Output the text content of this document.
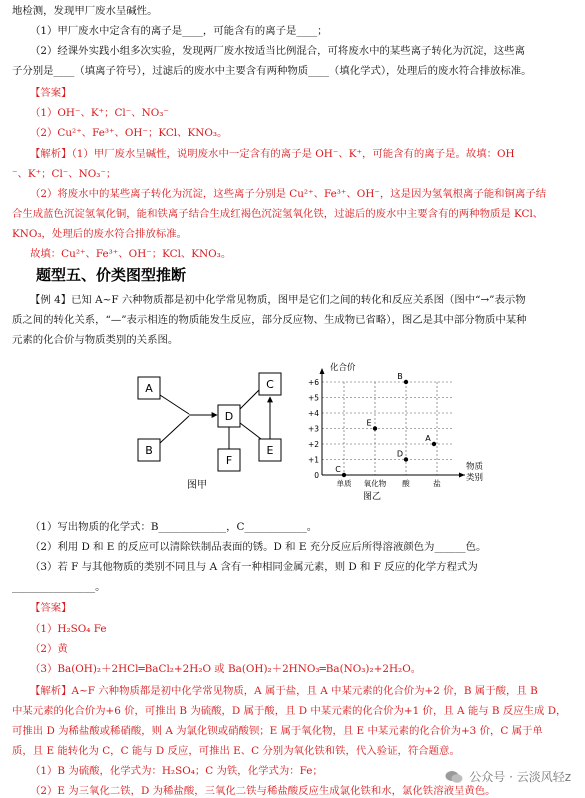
地检测，发现甲厂废水呈碱性。
（1）甲厂废水中定含有的离子是____，可能含有的离子是____；
（2）经课外实践小组多次实验，发现两厂废水按适当比例混合，可将废水中的某些离子转化为沉淀，这些离
子分别是____（填离子符号），过滤后的废水中主要含有两种物质____（填化学式），处理后的废水符合排放标准。
【答案】
（1）OH⁻、K⁺；Cl⁻、NO₃⁻
（2）Cu²⁺、Fe³⁺、OH⁻；KCl、KNO₃。
【解析】（1）甲厂废水呈碱性，说明废水中一定含有的离子是 OH⁻、K⁺，可能含有的离子是。故填：OH
⁻、K⁺；Cl⁻、NO₃⁻；
（2）将废水中的某些离子转化为沉淀，这些离子分别是 Cu²⁺、Fe³⁺、OH⁻，这是因为氢氧根离子能和铜离子结
合生成蓝色沉淀氢氧化铜，能和铁离子结合生成红褐色沉淀氢氧化铁，过滤后的废水中主要含有的两种物质是 KCl、
KNO₃，处理后的废水符合排放标准。
故填：Cu²⁺、Fe³⁺、OH⁻；KCl、KNO₃。
题型五、价类图型推断
【例 4】已知 A~F 六种物质都是初中化学常见物质，图甲是它们之间的转化和反应关系图（图中“→”表示物
质之间的转化关系，“—”表示相连的物质能发生反应，部分反应物、生成物已省略），图乙是其中部分物质中某种
元素的化合价与物质类别的关系图。
A
B
C
D
E
F
图甲
化合价
物质
类别
图乙
+6
+5
+4
+3
+2
+1
0
单质 氧化物 酸	盐
C
E
B
D
A
（1）写出物质的化学式：B_____________，C____________。
（2）利用 D 和 E 的反应可以清除铁制品表面的锈。D 和 E 充分反应后所得溶液颜色为______色。
（3）若 F 与其他物质的类别不同且与 A 含有一种相同金属元素，则 D 和 F 反应的化学方程式为
________________。
【答案】
（1）H₂SO₄ Fe
（2）黄
（3）Ba(OH)₂＋2HCl═BaCl₂+2H₂O 或 Ba(OH)₂＋2HNO₃═Ba(NO₃)₂+2H₂O。
【解析】A~F 六种物质都是初中化学常见物质，A 属于盐，且 A 中某元素的化合价为+2 价，B 属于酸，且 B
中某元素的化合价为+6 价，可推出 B 为硫酸，D 属于酸，且 D 中某元素的化合价为+1 价，且 A 能与 B 反应生成 D，
可推出 D 为稀盐酸或稀硝酸，则 A 为氯化钡或硝酸钡；E 属于氧化物，且 E 中某元素的化合价为+3 价，C 属于单
质，且 E 能转化为 C，C 能与 D 反应，可推出 E、C 分别为氧化铁和铁，代入验证，符合题意。
（1）B 为硫酸，化学式为：H₂SO₄；C 为铁，化学式为：Fe；
（2）E 为三氧化二铁，D 为稀盐酸，三氧化二铁与稀盐酸反应生成氯化铁和水，氯化铁溶液呈黄色。
公众号 · 云淡风轻z
